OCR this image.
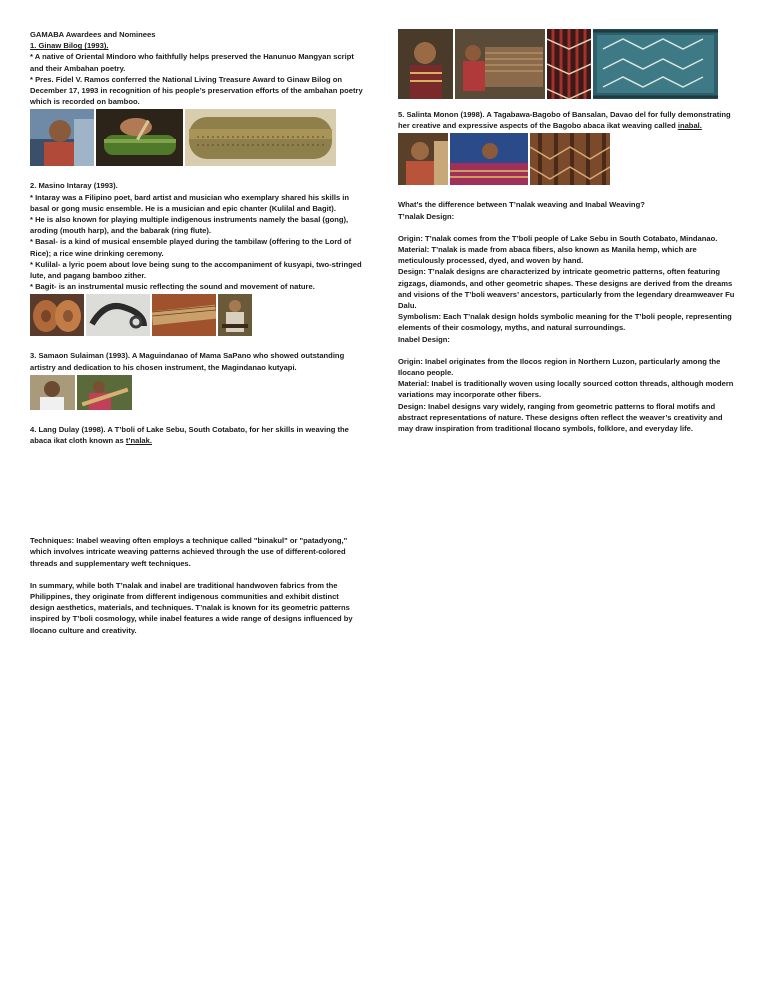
GAMABA Awardees and Nominees

1. Ginaw Bilog (1993).

* A native of Oriental Mindoro who faithfully helps preserved the Hanunuo Mangyan script and their Ambahan poetry.

* Pres. Fidel V. Ramos conferred the National Living Treasure Award to Ginaw Bilog on December 17, 1993 in recognition of his people’s preservation efforts of the ambahan poetry which is recorded on bamboo.

2. Masino Intaray (1993).

* Intaray was a Filipino poet, bard artist and musician who exemplary shared his skills in basal or gong music ensemble. He is a musician and epic chanter (Kulilal and Bagit).

* He is also known for playing multiple indigenous instruments namely the basal (gong), aroding (mouth harp), and the babarak (ring flute).

* Basal- is a kind of musical ensemble played during the tambilaw (offering to the Lord of Rice); a rice wine drinking ceremony.

* Kulilal- a lyric poem about love being sung to the accompaniment of kusyapi, two-stringed lute, and pagang bamboo zither.

* Bagit- is an instrumental music reflecting the sound and movement of nature.

3. Samaon Sulaiman (1993). A Maguindanao of Mama SaPano who showed outstanding artistry and dedication to his chosen instrument, the Magindanao kutyapi.

4. Lang Dulay (1998). A T’boli of Lake Sebu, South Cotabato, for her skills in weaving the abaca ikat cloth known as t’nalak.

Techniques: Inabel weaving often employs a technique called "binakul" or "patadyong," which involves intricate weaving patterns achieved through the use of different-colored threads and supplementary weft techniques.

In summary, while both T’nalak and inabel are traditional handwoven fabrics from the Philippines, they originate from different indigenous communities and exhibit distinct design aesthetics, materials, and techniques. T’nalak is known for its geometric patterns inspired by T’boli cosmology, while inabel features a wide range of designs influenced by Ilocano culture and creativity.

5. Salinta Monon (1998). A Tagabawa-Bagobo of Bansalan, Davao del for fully demonstrating her creative and expressive aspects of the Bagobo abaca ikat weaving called inabal.

What’s the difference between T’nalak weaving and Inabal Weaving?

T’nalak Design:

Origin: T’nalak comes from the T’boli people of Lake Sebu in South Cotabato, Mindanao.

Material: T’nalak is made from abaca fibers, also known as Manila hemp, which are meticulously processed, dyed, and woven by hand.

Design: T’nalak designs are characterized by intricate geometric patterns, often featuring zigzags, diamonds, and other geometric shapes. These designs are derived from the dreams and visions of the T’boli weavers’ ancestors, particularly from the legendary dreamweaver Fu Dalu.

Symbolism: Each T’nalak design holds symbolic meaning for the T’boli people, representing elements of their cosmology, myths, and natural surroundings.

Inabel Design:

Origin: Inabel originates from the Ilocos region in Northern Luzon, particularly among the Ilocano people.

Material: Inabel is traditionally woven using locally sourced cotton threads, although modern variations may incorporate other fibers.

Design: Inabel designs vary widely, ranging from geometric patterns to floral motifs and abstract representations of nature. These designs often reflect the weaver’s creativity and may draw inspiration from traditional Ilocano symbols, folklore, and everyday life.
